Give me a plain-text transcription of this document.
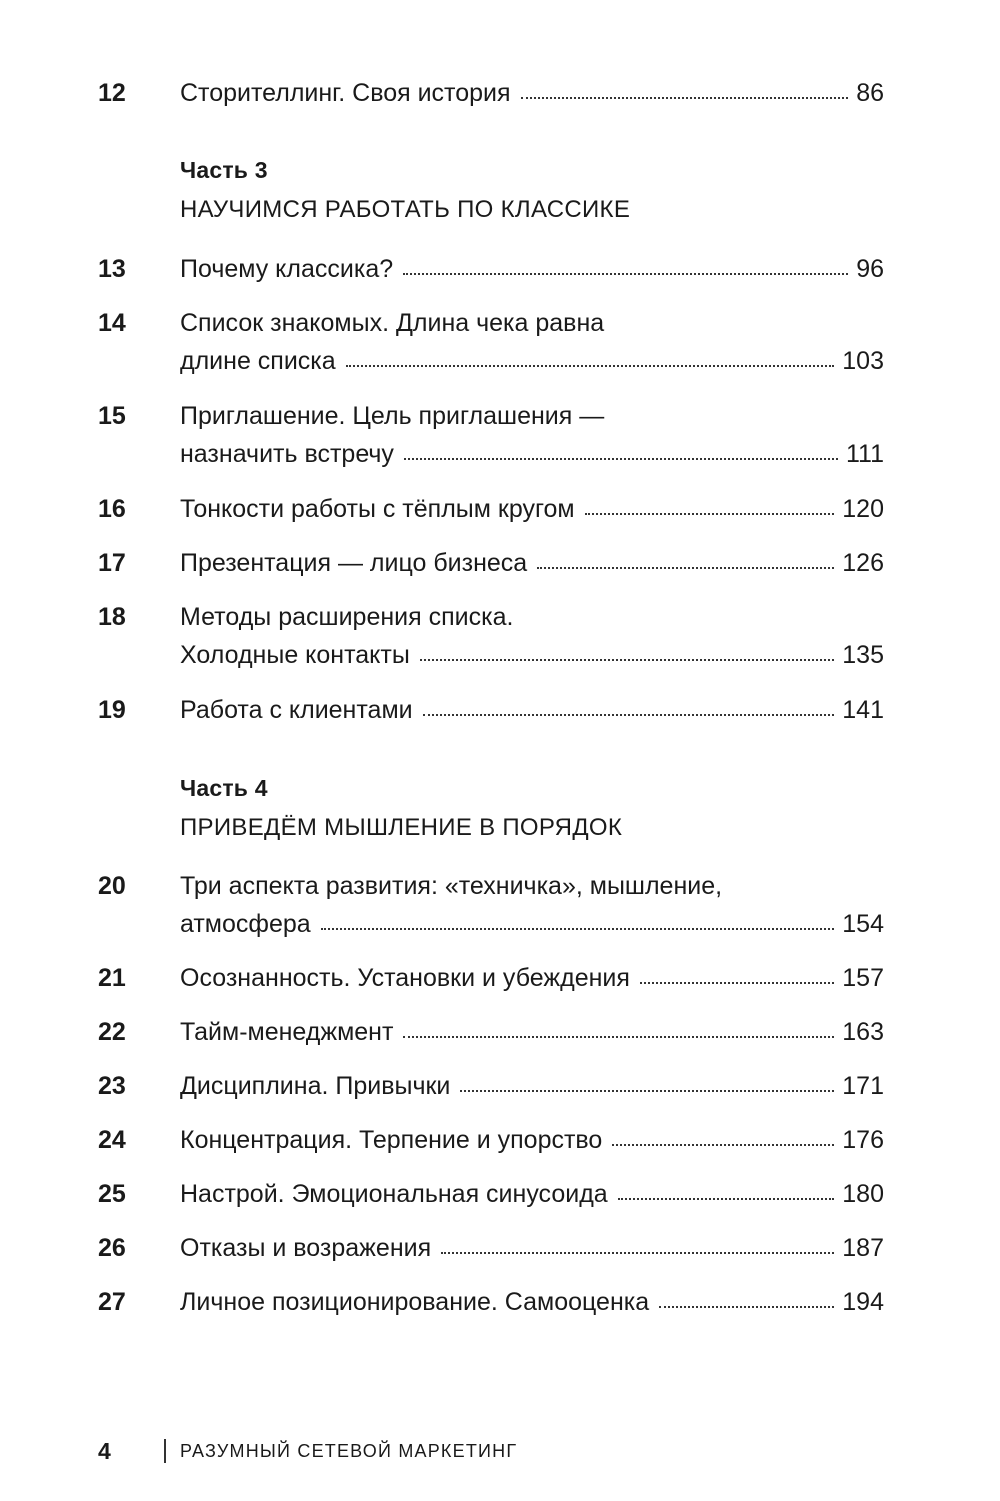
12	Сторителлинг. Своя история	86
Часть 3
НАУЧИМСЯ РАБОТАТЬ ПО КЛАССИКЕ
13	Почему классика?	96
14	Список знакомых. Длина чека равна
длине списка	103
15	Приглашение. Цель приглашения —
назначить встречу	111
16	Тонкости работы с тёплым кругом	120
17	Презентация — лицо бизнеса	126
18	Методы расширения списка.
Холодные контакты	135
19	Работа с клиентами	141
Часть 4
ПРИВЕДЁМ МЫШЛЕНИЕ В ПОРЯДОК
20	Три аспекта развития: «техничка», мышление,
атмосфера	154
21	Осознанность. Установки и убеждения	157
22	Тайм-менеджмент	163
23	Дисциплина. Привычки	171
24	Концентрация. Терпение и упорство	176
25	Настрой. Эмоциональная синусоида	180
26	Отказы и возражения	187
27	Личное позиционирование. Самооценка	194
4	РАЗУМНЫЙ СЕТЕВОЙ МАРКЕТИНГ
